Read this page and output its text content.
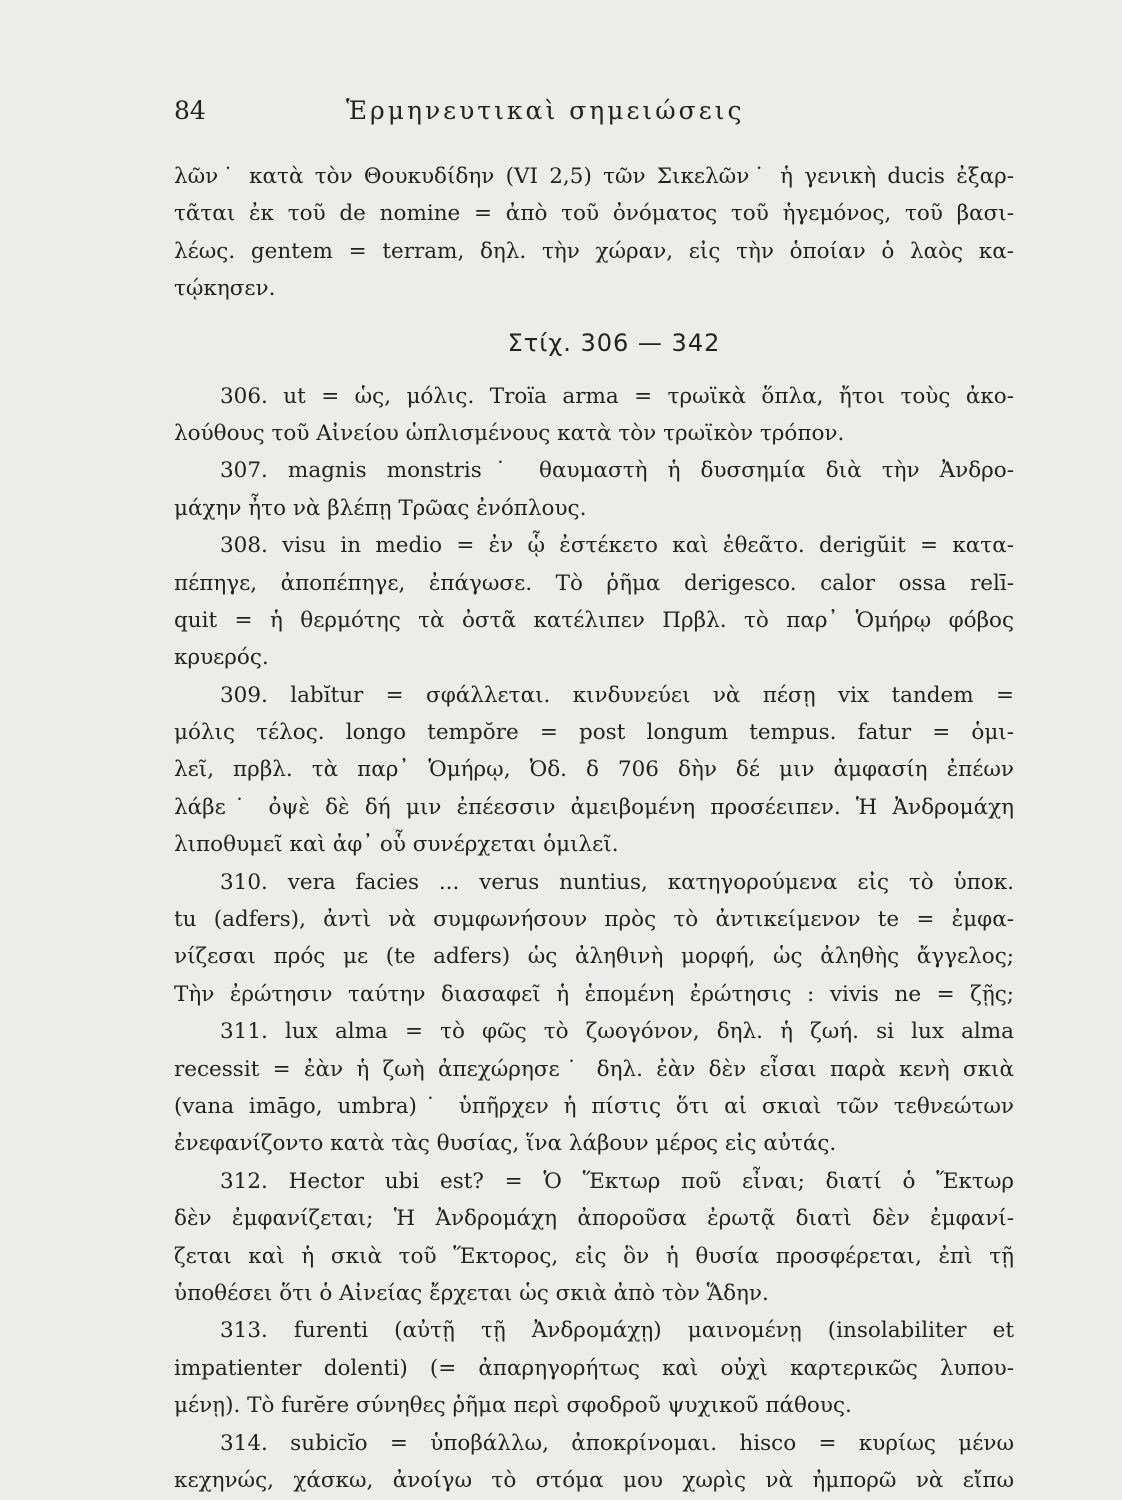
84	Ἑρμηνευτικαὶ σημειώσεις
λῶν˙ κατὰ τὸν Θουκυδίδην (VI 2,5) τῶν Σικελῶν˙ ἡ γενικὴ ducis ἐξαρ-
τᾶται ἐκ τοῦ de nomine = ἀπὸ τοῦ ὀνόματος τοῦ ἡγεμόνος, τοῦ βασι-
λέως. gentem = terram, δηλ. τὴν χώραν, εἰς τὴν ὁποίαν ὁ λαὸς κα-
τῴκησεν.
Στίχ. 306 — 342
306. ut = ὡς, μόλις. Troïa arma = τρωϊκὰ ὅπλα, ἤτοι τοὺς ἀκο-
λούθους τοῦ Αἰνείου ὡπλισμένους κατὰ τὸν τρωϊκὸν τρόπον.
307. magnis monstris˙ θαυμαστὴ ἡ δυσσημία διὰ τὴν Ἀνδρο-
μάχην ἦτο νὰ βλέπῃ Τρῶας ἐνόπλους.
308. visu in medio = ἐν ᾧ ἐστέκετο καὶ ἐθεᾶτο. derigŭit = κατα-
πέπηγε, ἀποπέπηγε, ἐπάγωσε. Τὸ ῥῆμα derigesco. calor ossa relī-
quit = ἡ θερμότης τὰ ὀστᾶ κατέλιπεν Πρβλ. τὸ παρ᾿ Ὁμήρῳ φόβος
κρυερός.
309. labĭtur = σφάλλεται. κινδυνεύει νὰ πέσῃ vix tandem =
μόλις τέλος. longo tempŏre = post longum tempus. fatur = ὁμι-
λεῖ, πρβλ. τὰ παρ᾿ Ὁμήρῳ, Ὀδ. δ 706 δὴν δέ μιν ἀμφασίη ἐπέων
λάβε˙ ὀψὲ δὲ δή μιν ἐπέεσσιν ἀμειβομένη προσέειπεν. Ἡ Ἀνδρομάχη
λιποθυμεῖ καὶ ἀφ᾿ οὗ συνέρχεται ὁμιλεῖ.
310. vera facies ... verus nuntius, κατηγορούμενα εἰς τὸ ὑποκ.
tu (adfers), ἀντὶ νὰ συμφωνήσουν πρὸς τὸ ἀντικείμενον te = ἐμφα-
νίζεσαι πρός με (te adfers) ὡς ἀληθινὴ μορφή, ὡς ἀληθὴς ἄγγελος;
Τὴν ἐρώτησιν ταύτην διασαφεῖ ἡ ἑπομένη ἐρώτησις : vivis ne = ζῇς;
311. lux alma = τὸ φῶς τὸ ζωογόνον, δηλ. ἡ ζωή. si lux alma
recessit = ἐὰν ἡ ζωὴ ἀπεχώρησε˙ δηλ. ἐὰν δὲν εἶσαι παρὰ κενὴ σκιὰ
(vana imāgo, umbra)˙ ὑπῆρχεν ἡ πίστις ὅτι αἱ σκιαὶ τῶν τεθνεώτων
ἐνεφανίζοντο κατὰ τὰς θυσίας, ἵνα λάβουν μέρος εἰς αὐτάς.
312. Hector ubi est? = Ὁ Ἕκτωρ ποῦ εἶναι; διατί ὁ Ἕκτωρ
δὲν ἐμφανίζεται; Ἡ Ἀνδρομάχη ἀποροῦσα ἐρωτᾷ διατὶ δὲν ἐμφανί-
ζεται καὶ ἡ σκιὰ τοῦ Ἕκτορος, εἰς ὃν ἡ θυσία προσφέρεται, ἐπὶ τῇ
ὑποθέσει ὅτι ὁ Αἰνείας ἔρχεται ὡς σκιὰ ἀπὸ τὸν Ἅδην.
313. furenti (αὐτῇ τῇ Ἀνδρομάχῃ) μαινομένῃ (insolabiliter et
impatienter dolenti) (= ἀπαρηγορήτως καὶ οὐχὶ καρτερικῶς λυπου-
μένῃ). Τὸ furĕre σύνηθες ῥῆμα περὶ σφοδροῦ ψυχικοῦ πάθους.
314. subicĭo = ὑποβάλλω, ἀποκρίνομαι. hisco = κυρίως μένω
κεχηνώς, χάσκω, ἀνοίγω τὸ στόμα μου χωρὶς νὰ ἠμπορῶ νὰ εἴπω
